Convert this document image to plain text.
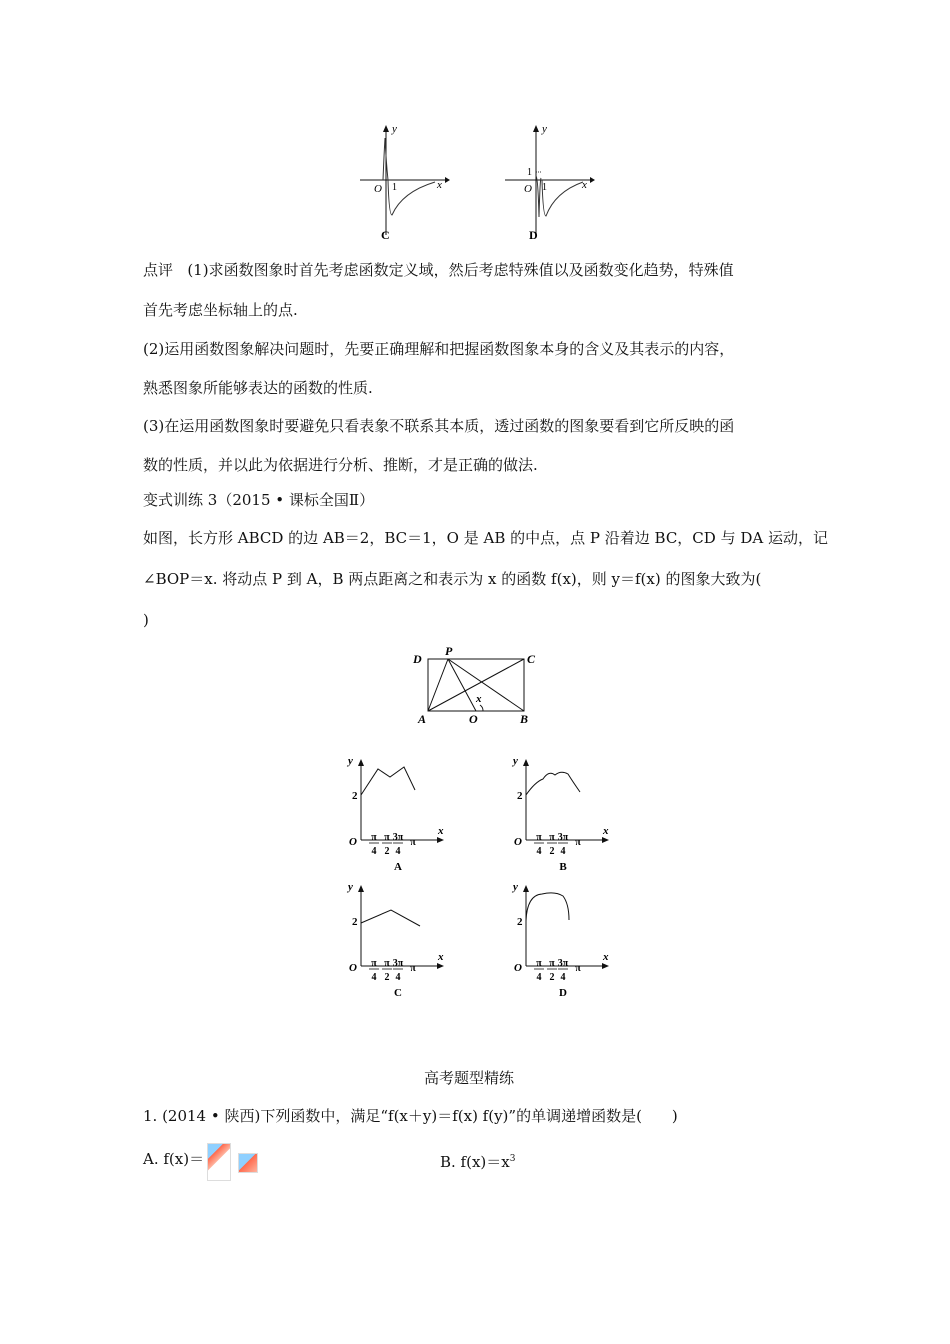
y
x
O 1
C
y
x
O 1
1
D
点评 (1)求函数图象时首先考虑函数定义域，然后考虑特殊值以及函数变化趋势，特殊值
首先考虑坐标轴上的点.
(2)运用函数图象解决问题时，先要正确理解和把握函数图象本身的含义及其表示的内容，
熟悉图象所能够表达的函数的性质.
(3)在运用函数图象时要避免只看表象不联系其本质，透过函数的图象要看到它所反映的函
数的性质，并以此为依据进行分析、推断，才是正确的做法.
变式训练 3（2015 • 课标全国Ⅱ）
如图，长方形 ABCD 的边 AB＝2，BC＝1，O 是 AB 的中点，点 P 沿着边 BC，CD 与 DA 运动，记
∠BOP＝x. 将动点 P 到 A，B 两点距离之和表示为 x 的函数 f(x)，则 y＝f(x) 的图象大致为(
)
D
P
C
A	O	B
x
y
x
O
2
π
4
π
2
3π
4
π
A
y
x
O
2
π
4
π
2
3π
4
π
B
y
x
O
2
π
4
π
2
3π
4
π
C
y
x
O
2
π
4
π
2
3π
4
π
D
高考题型精练
1. (2014 • 陕西)下列函数中，满足“f(x＋y)＝f(x) f(y)”的单调递增函数是(　　)
A. f(x)＝	B. $f(x)=x^3$
